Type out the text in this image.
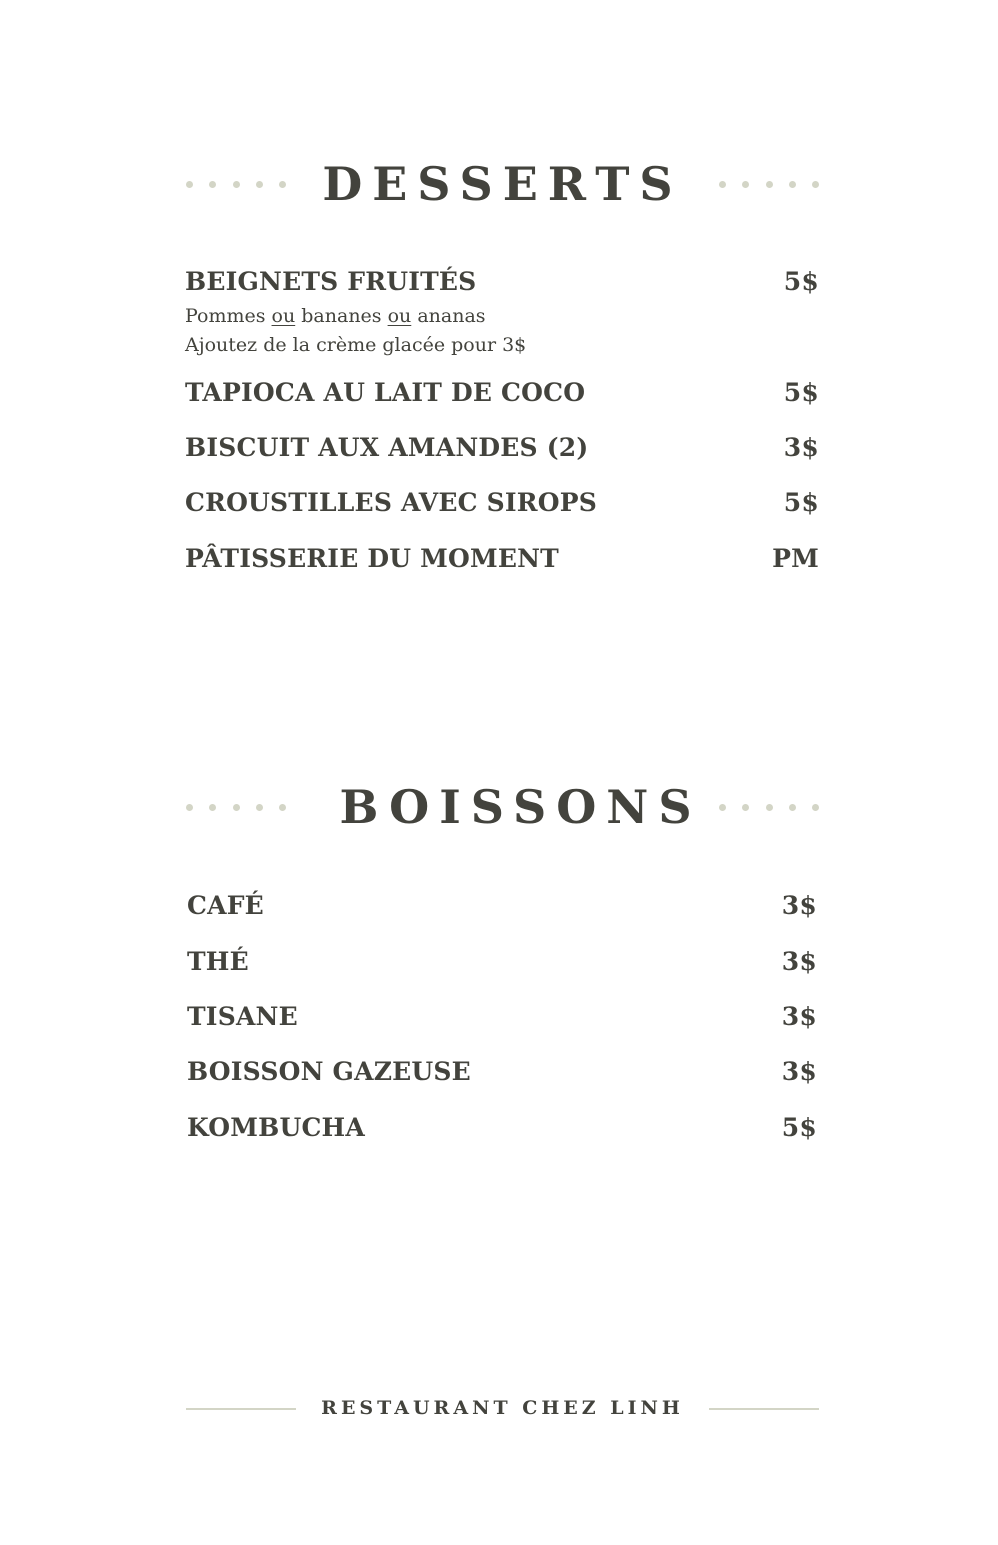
DESSERTS
BEIGNETS FRUITÉS	5$
Pommes ou bananes ou ananas
Ajoutez de la crème glacée pour 3$
TAPIOCA AU LAIT DE COCO	5$
BISCUIT AUX AMANDES (2)	3$
CROUSTILLES AVEC SIROPS	5$
PÂTISSERIE DU MOMENT	PM
BOISSONS
CAFÉ	3$
THÉ	3$
TISANE	3$
BOISSON GAZEUSE	3$
KOMBUCHA	5$
RESTAURANT CHEZ LINH
